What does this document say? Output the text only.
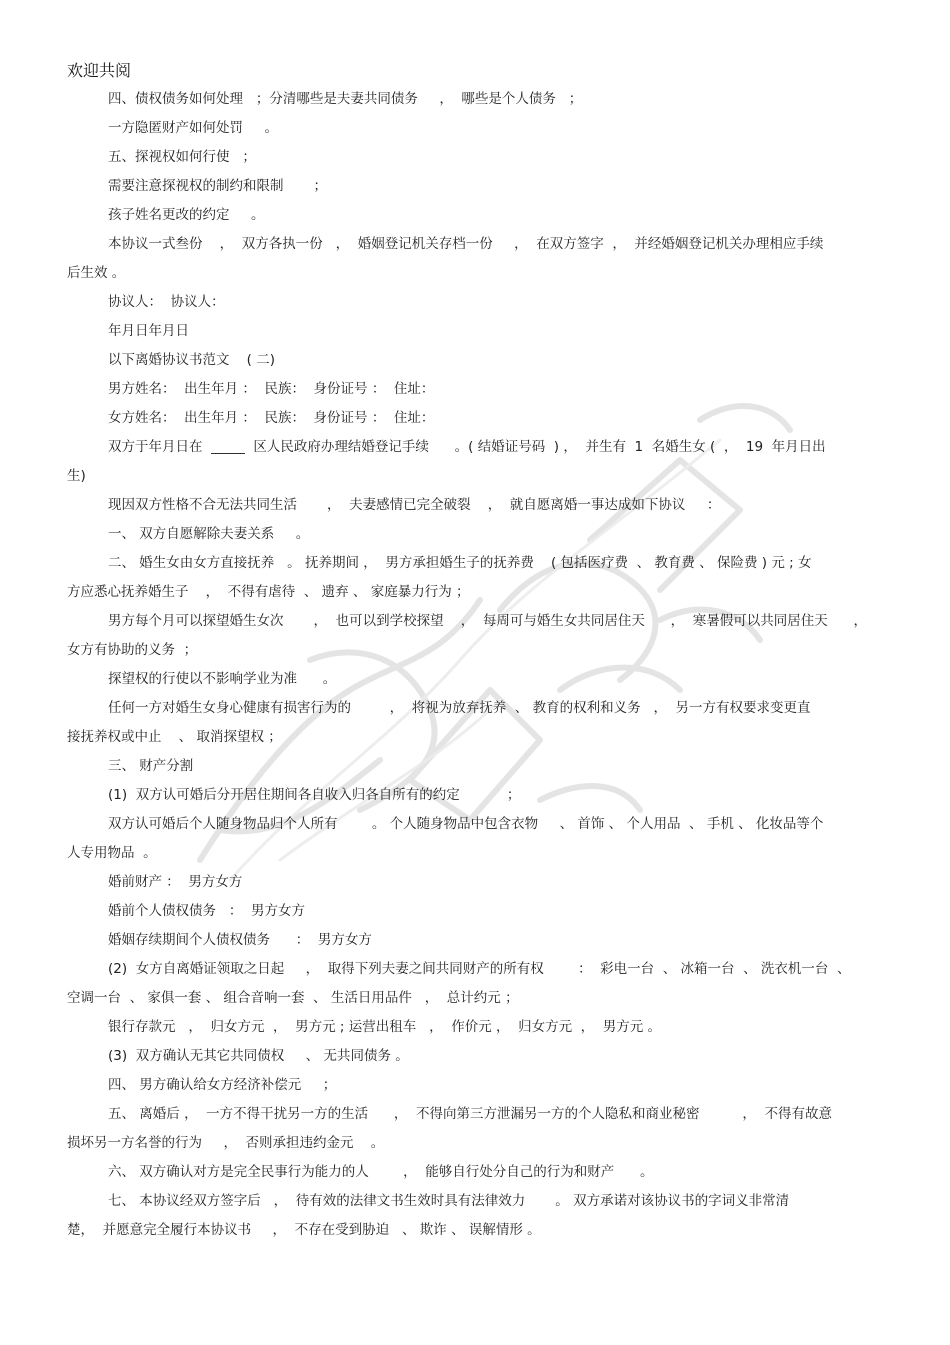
欢迎共阅
四、债权债务如何处理   ；分清哪些是夫妻共同债务     ，  哪些是个人债务   ；
一方隐匿财产如何处罚     。
五、探视权如何行使   ；
需要注意探视权的制约和限制       ；
孩子姓名更改的约定     。
本协议一式叁份    ，  双方各执一份   ，  婚姻登记机关存档一份     ，  在双方签字  ，  并经婚姻登记机关办理相应手续
后生效 。
协议人：  协议人：
年月日年月日
以下离婚协议书范文    ( 二)
男方姓名：  出生年月 ：  民族：  身份证号 ：  住址：
女方姓名：  出生年月 ：  民族：  身份证号 ：  住址：
双方于年月日在  _____  区人民政府办理结婚登记手续      。( 结婚证号码  ) ，  并生有  1  名婚生女 (  ，  19  年月日出
生)
现因双方性格不合无法共同生活       ，  夫妻感情已完全破裂    ，  就自愿离婚一事达成如下协议     ：
一、 双方自愿解除夫妻关系     。
二、 婚生女由女方直接抚养   。 抚养期间 ，  男方承担婚生子的抚养费    ( 包括医疗费  、 教育费 、 保险费 ) 元 ; 女
方应悉心抚养婚生子    ，  不得有虐待  、 遗弃 、 家庭暴力行为 ；
男方每个月可以探望婚生女次       ，  也可以到学校探望    ，  每周可与婚生女共同居住天      ，  寒暑假可以共同居住天      ，
女方有协助的义务  ；
探望权的行使以不影响学业为准      。
任何一方对婚生女身心健康有损害行为的         ，  将视为放弃抚养  、 教育的权利和义务   ，  另一方有权要求变更直
接抚养权或中止    、 取消探望权 ；
三、 财产分割
(1)  双方认可婚后分开居住期间各自收入归各自所有的约定           ；
双方认可婚后个人随身物品归个人所有        。 个人随身物品中包含衣物     、 首饰 、 个人用品  、 手机 、 化妆品等个
人专用物品  。
婚前财产 ：  男方女方
婚前个人债权债务   ：  男方女方
婚姻存续期间个人债权债务      ：  男方女方
(2)  女方自离婚证领取之日起     ，  取得下列夫妻之间共同财产的所有权        ：  彩电一台  、 冰箱一台  、 洗衣机一台  、
空调一台  、 家俱一套 、 组合音响一套  、 生活日用品件   ，  总计约元 ；
银行存款元   ，  归女方元  ，  男方元 ; 运营出租车   ，  作价元 ，  归女方元  ，  男方元 。
(3)  双方确认无其它共同债权     、 无共同债务 。
四、 男方确认给女方经济补偿元     ；
五、 离婚后 ，  一方不得干扰另一方的生活      ，  不得向第三方泄漏另一方的个人隐私和商业秘密          ，  不得有故意
损坏另一方名誉的行为     ，  否则承担违约金元    。
六、 双方确认对方是完全民事行为能力的人        ，  能够自行处分自己的行为和财产      。
七、 本协议经双方签字后   ，  待有效的法律文书生效时具有法律效力       。 双方承诺对该协议书的字词义非常清
楚，  并愿意完全履行本协议书     ，  不存在受到胁迫   、 欺诈 、 误解情形 。
